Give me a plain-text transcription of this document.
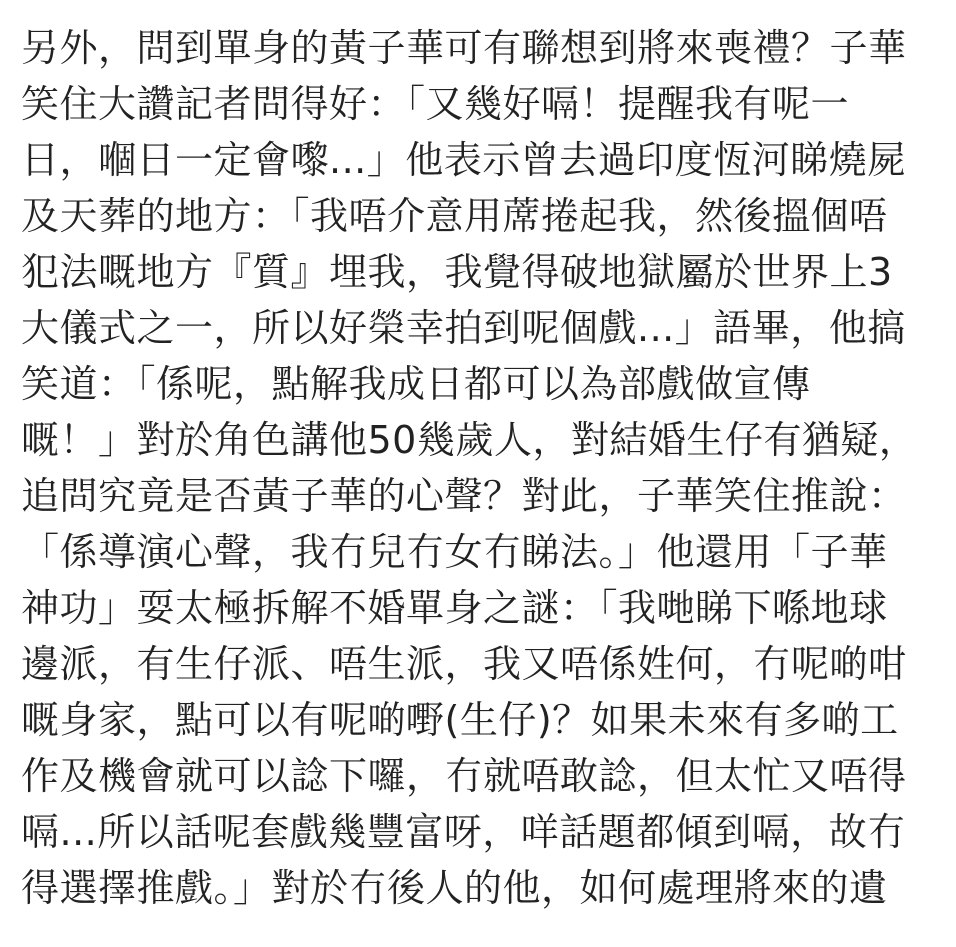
另外，問到單身的黃子華可有聯想到將來喪禮？子華
笑住大讚記者問得好：「又幾好嗝！提醒我有呢一
日，嗰日一定會嚟...」他表示曾去過印度恆河睇燒屍
及天葬的地方：「我唔介意用蓆捲起我，然後搵個唔
犯法嘅地方『質』埋我，我覺得破地獄屬於世界上3
大儀式之一，所以好榮幸拍到呢個戲...」語畢，他搞
笑道：「係呢，點解我成日都可以為部戲做宣傳
嘅！」對於角色講他50幾歲人，對結婚生仔有猶疑，
追問究竟是否黃子華的心聲？對此，子華笑住推說：
「係導演心聲，我冇兒冇女冇睇法。」他還用「子華
神功」耍太極拆解不婚單身之謎：「我哋睇下喺地球
邊派，有生仔派、唔生派，我又唔係姓何，冇呢啲咁
嘅身家，點可以有呢啲嘢(生仔)？如果未來有多啲工
作及機會就可以諗下囉，冇就唔敢諗，但太忙又唔得
嗝...所以話呢套戲幾豐富呀，咩話題都傾到嗝，故冇
得選擇推戲。」對於冇後人的他，如何處理將來的遺
